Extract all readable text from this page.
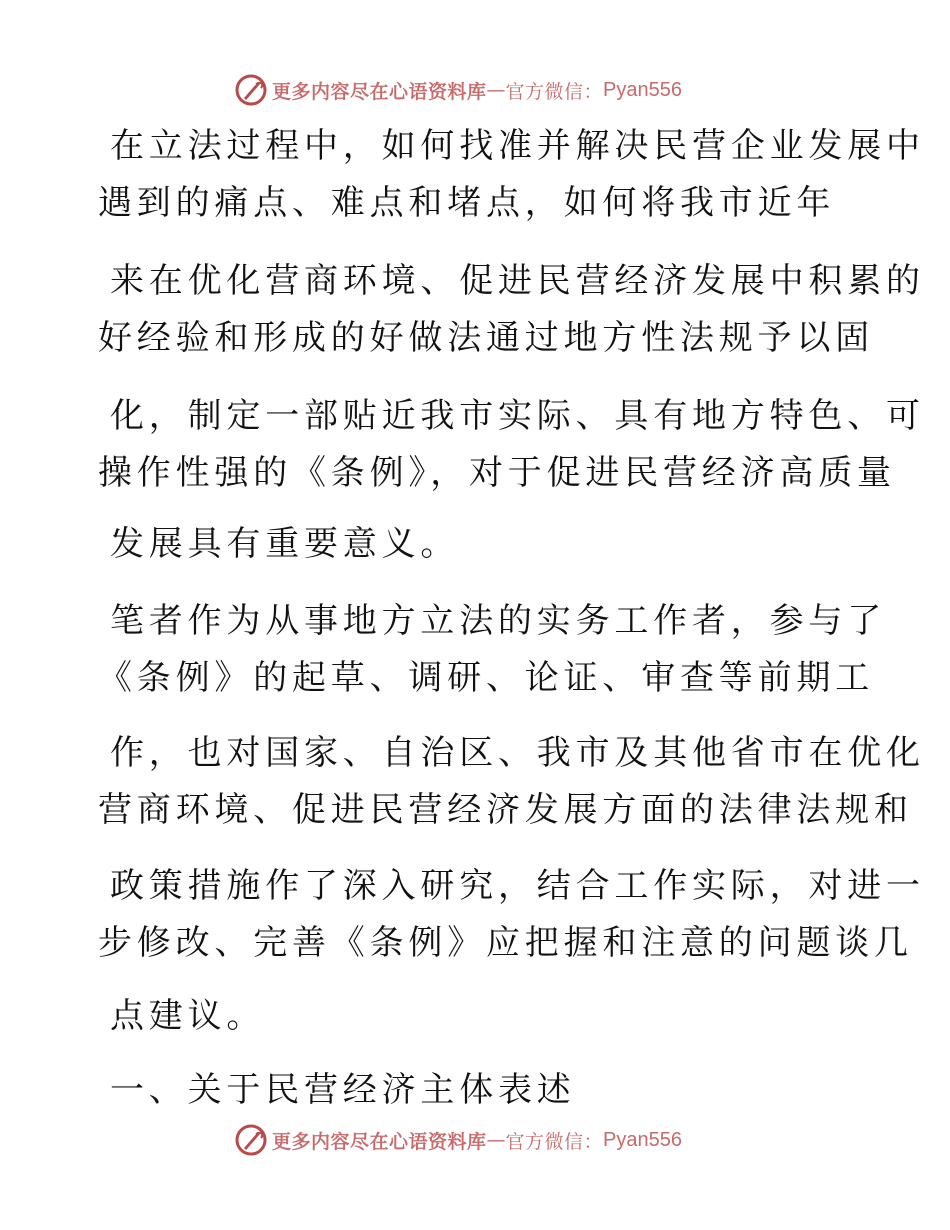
更多内容尽在心语资料库 — 官方微信： Pyan556
在立法过程中，如何找准并解决民营企业发展中
遇到的痛点、难点和堵点，如何将我市近年
来在优化营商环境、促进民营经济发展中积累的
好经验和形成的好做法通过地方性法规予以固
化，制定一部贴近我市实际、具有地方特色、可
操作性强的《条例》，对于促进民营经济高质量
发展具有重要意义。
笔者作为从事地方立法的实务工作者，参与了
《条例》的起草、调研、论证、审查等前期工
作，也对国家、自治区、我市及其他省市在优化
营商环境、促进民营经济发展方面的法律法规和
政策措施作了深入研究，结合工作实际，对进一
步修改、完善《条例》应把握和注意的问题谈几
点建议。
一、关于民营经济主体表述
更多内容尽在心语资料库 — 官方微信： Pyan556
